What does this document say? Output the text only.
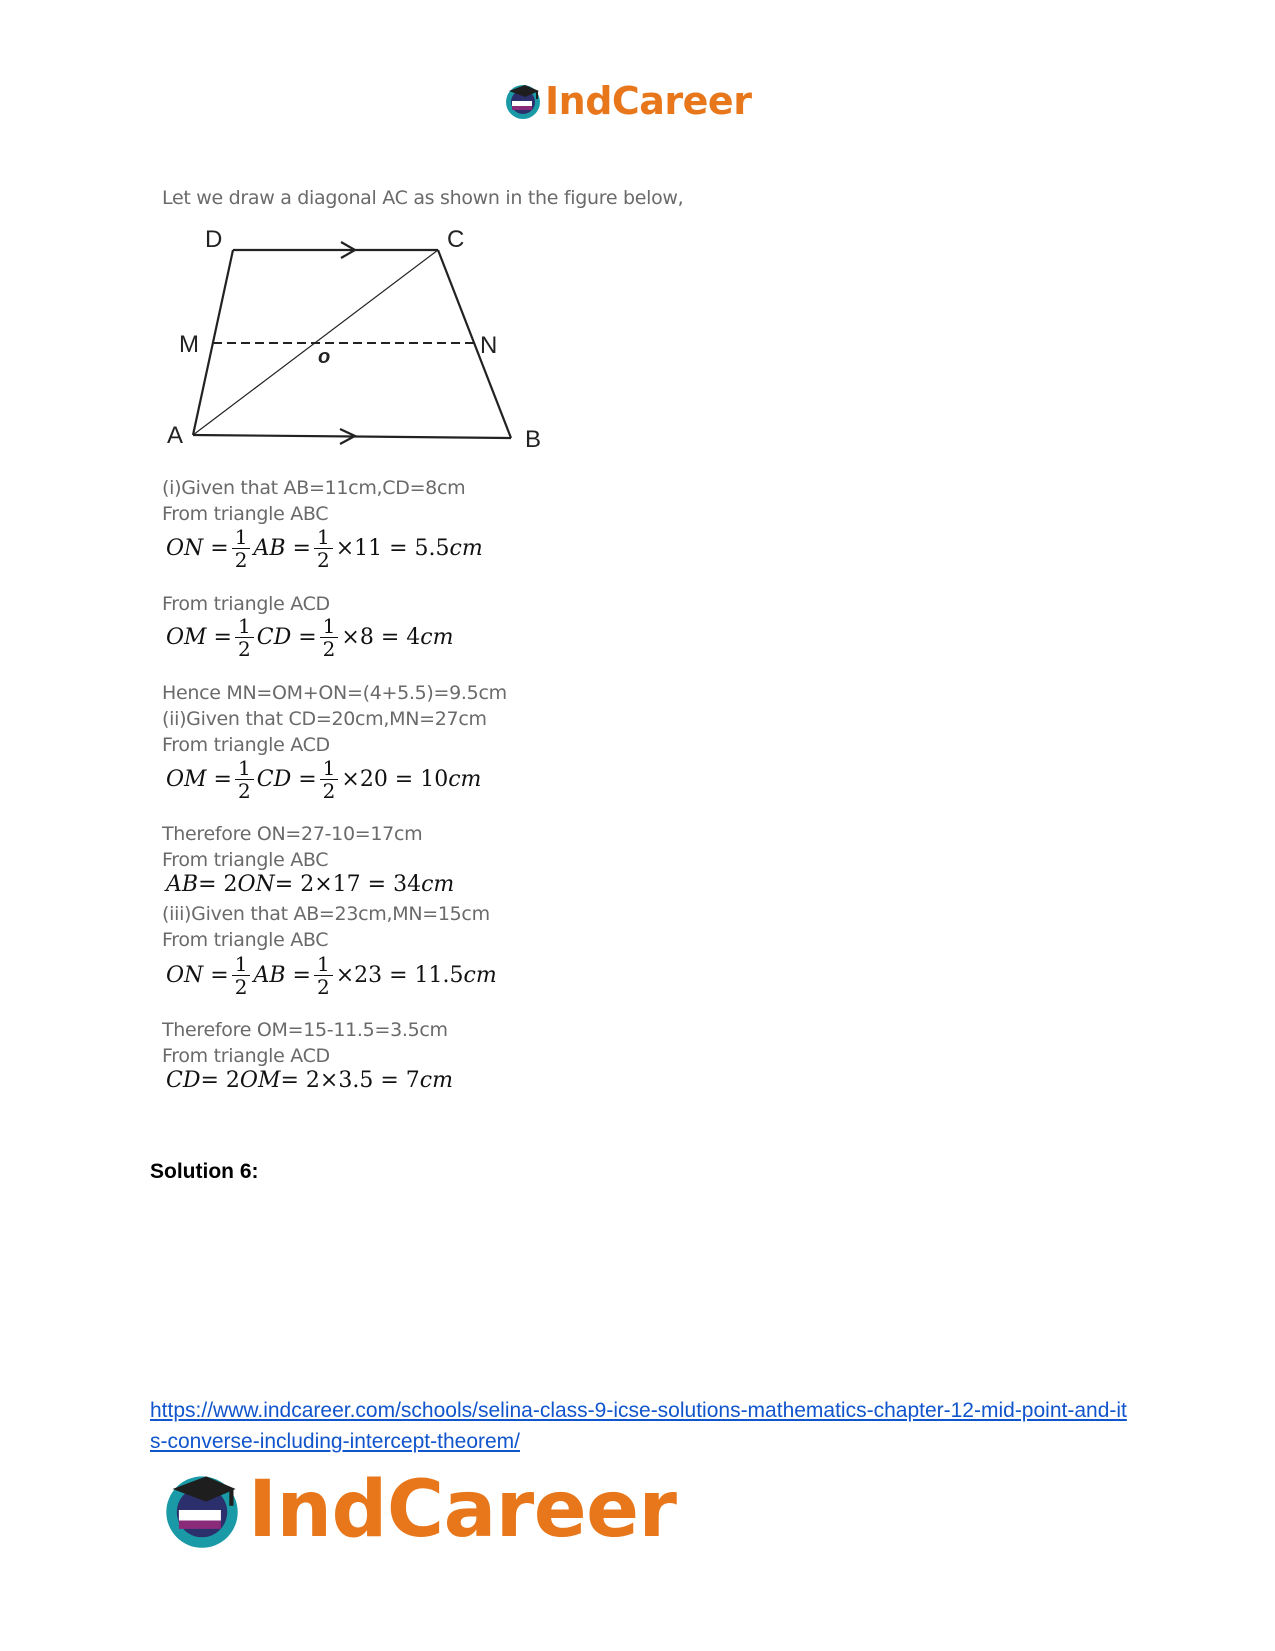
IndCareer
Let we draw a diagonal AC as shown in the figure below,
D	C
M	N
o
A	B
(i)Given that AB=11cm,CD=8cm
From triangle ABC
ON = $\frac{1}{2}$ AB = $\frac{1}{2} \times 11 = 5.5$ cm
From triangle ACD
OM = $\frac{1}{2}$ CD = $\frac{1}{2} \times 8 = 4$ cm
Hence MN=OM+ON=(4+5.5)=9.5cm
(ii)Given that CD=20cm,MN=27cm
From triangle ACD
OM = $\frac{1}{2}$ CD = $\frac{1}{2} \times 20 = 10$ cm
Therefore ON=27-10=17cm
From triangle ABC
AB = 2 ON = 2×17 = 34 cm
(iii)Given that AB=23cm,MN=15cm
From triangle ABC
ON = $\frac{1}{2}$ AB = $\frac{1}{2} \times 23 = 11.5$ cm
Therefore OM=15-11.5=3.5cm
From triangle ACD
CD = 2 OM = 2×3.5 = 7 cm
Solution 6:
https://www.indcareer.com/schools/selina-class-9-icse-solutions-mathematics-chapter-12-mid-point-and-its-converse-including-intercept-theorem/
IndCareer
